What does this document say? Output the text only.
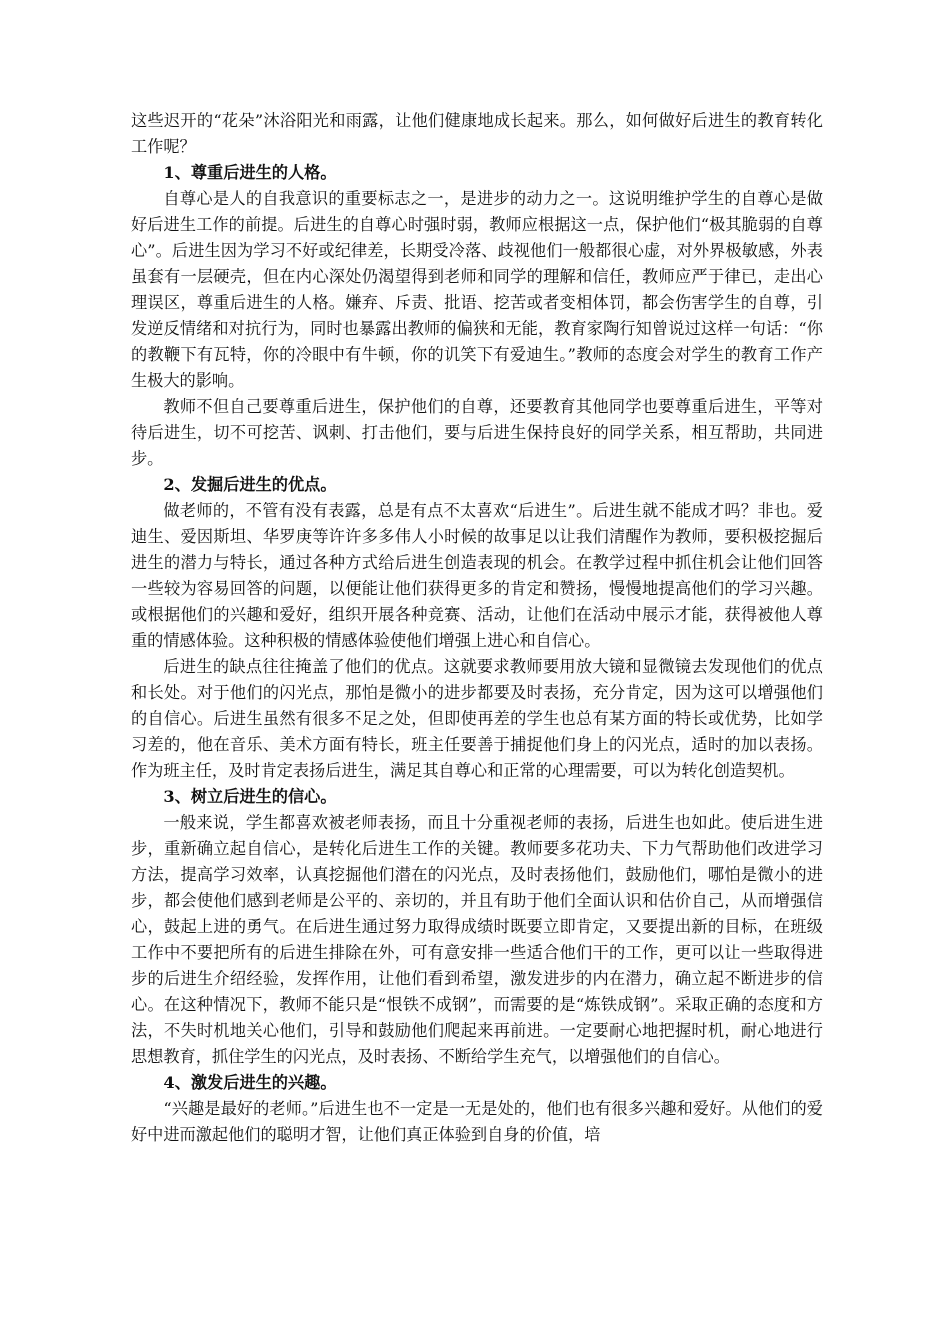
这些迟开的“花朵”沐浴阳光和雨露，让他们健康地成长起来。那么，如何做好后进生的教育转化工作呢？

1、尊重后进生的人格。

自尊心是人的自我意识的重要标志之一，是进步的动力之一。这说明维护学生的自尊心是做好后进生工作的前提。后进生的自尊心时强时弱，教师应根据这一点，保护他们“极其脆弱的自尊心”。后进生因为学习不好或纪律差，长期受冷落、歧视他们一般都很心虚，对外界极敏感，外表虽套有一层硬壳，但在内心深处仍渴望得到老师和同学的理解和信任，教师应严于律已，走出心理误区，尊重后进生的人格。嫌弃、斥责、批语、挖苦或者变相体罚，都会伤害学生的自尊，引发逆反情绪和对抗行为，同时也暴露出教师的偏狭和无能，教育家陶行知曾说过这样一句话：“你的教鞭下有瓦特，你的冷眼中有牛顿，你的讥笑下有爱迪生。”教师的态度会对学生的教育工作产生极大的影响。

教师不但自己要尊重后进生，保护他们的自尊，还要教育其他同学也要尊重后进生，平等对待后进生，切不可挖苦、讽刺、打击他们，要与后进生保持良好的同学关系，相互帮助，共同进步。

2、发掘后进生的优点。

做老师的，不管有没有表露，总是有点不太喜欢“后进生”。后进生就不能成才吗？非也。爱迪生、爱因斯坦、华罗庚等许许多多伟人小时候的故事足以让我们清醒作为教师，要积极挖掘后进生的潜力与特长，通过各种方式给后进生创造表现的机会。在教学过程中抓住机会让他们回答一些较为容易回答的问题，以便能让他们获得更多的肯定和赞扬，慢慢地提高他们的学习兴趣。或根据他们的兴趣和爱好，组织开展各种竞赛、活动，让他们在活动中展示才能，获得被他人尊重的情感体验。这种积极的情感体验使他们增强上进心和自信心。

后进生的缺点往往掩盖了他们的优点。这就要求教师要用放大镜和显微镜去发现他们的优点和长处。对于他们的闪光点，那怕是微小的进步都要及时表扬，充分肯定，因为这可以增强他们的自信心。后进生虽然有很多不足之处，但即使再差的学生也总有某方面的特长或优势，比如学习差的，他在音乐、美术方面有特长，班主任要善于捕捉他们身上的闪光点，适时的加以表扬。作为班主任，及时肯定表扬后进生，满足其自尊心和正常的心理需要，可以为转化创造契机。

3、树立后进生的信心。

一般来说，学生都喜欢被老师表扬，而且十分重视老师的表扬，后进生也如此。使后进生进步，重新确立起自信心，是转化后进生工作的关键。教师要多花功夫、下力气帮助他们改进学习方法，提高学习效率，认真挖掘他们潜在的闪光点，及时表扬他们，鼓励他们，哪怕是微小的进步，都会使他们感到老师是公平的、亲切的，并且有助于他们全面认识和估价自己，从而增强信心，鼓起上进的勇气。在后进生通过努力取得成绩时既要立即肯定，又要提出新的目标，在班级工作中不要把所有的后进生排除在外，可有意安排一些适合他们干的工作，更可以让一些取得进步的后进生介绍经验，发挥作用，让他们看到希望，激发进步的内在潜力，确立起不断进步的信心。在这种情况下，教师不能只是“恨铁不成钢”，而需要的是“炼铁成钢”。采取正确的态度和方法，不失时机地关心他们，引导和鼓励他们爬起来再前进。一定要耐心地把握时机，耐心地进行思想教育，抓住学生的闪光点，及时表扬、不断给学生充气，以增强他们的自信心。

4、激发后进生的兴趣。

“兴趣是最好的老师。”后进生也不一定是一无是处的，他们也有很多兴趣和爱好。从他们的爱好中进而激起他们的聪明才智，让他们真正体验到自身的价值，培
